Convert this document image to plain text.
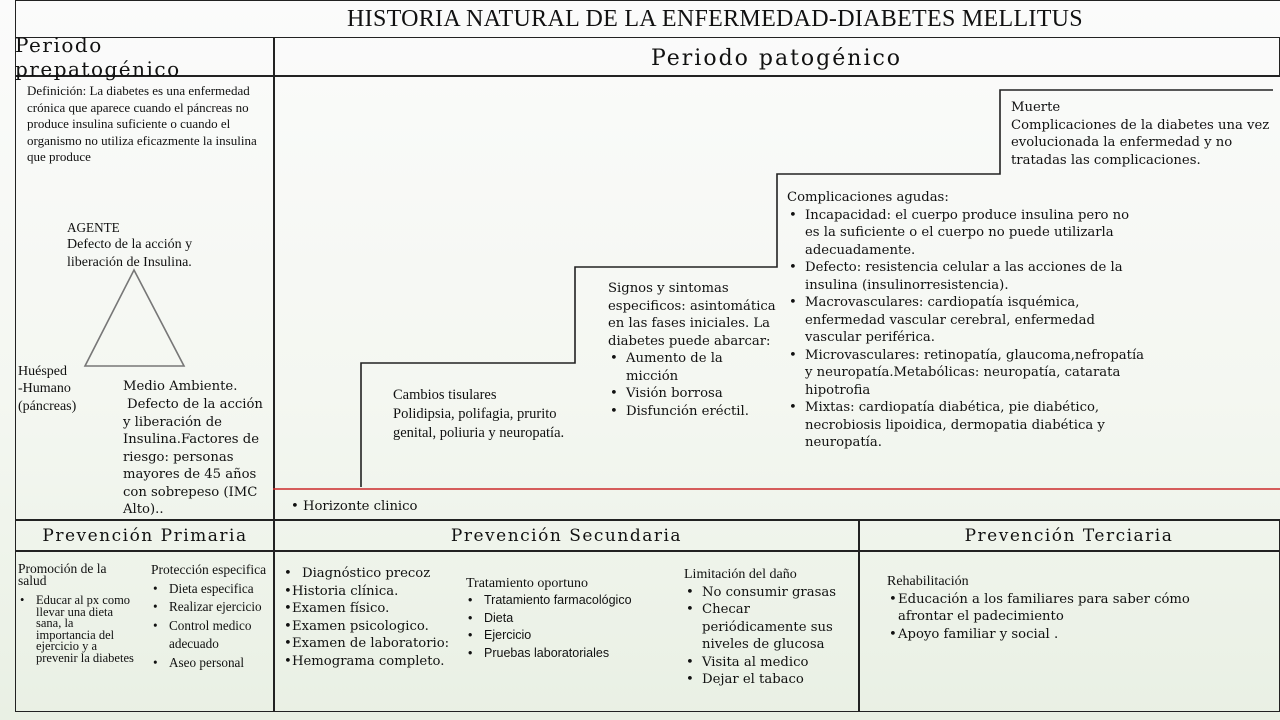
HISTORIA NATURAL DE LA ENFERMEDAD-DIABETES MELLITUS
Periodo prepatogénico	Periodo patogénico
Prevención Primaria	Prevención Secundaria	Prevención Terciaria
Definición: La diabetes es una enfermedad crónica que aparece cuando el páncreas no produce insulina suficiente o cuando el organismo no utiliza eficazmente la insulina que produce
AGENTE
Defecto de la acción y liberación de Insulina.
Huésped
-Humano (páncreas)
Medio Ambiente.
Defecto de la acción y liberación de Insulina.Factores de riesgo: personas mayores de 45 años con sobrepeso (IMC Alto)..
Cambios tisulares
Polidipsia, polifagia, prurito genital, poliuria y neuropatía.
Signos y sintomas especificos: asintomática en las fases iniciales. La diabetes puede abarcar:
• Aumento de la micción
• Visión borrosa
• Disfunción eréctil.
Complicaciones agudas:
• Incapacidad: el cuerpo produce insulina pero no es la suficiente o el cuerpo no puede utilizarla adecuadamente.
• Defecto: resistencia celular a las acciones de la insulina (insulinorresistencia).
• Macrovasculares: cardiopatía isquémica, enfermedad vascular cerebral, enfermedad vascular periférica.
• Microvasculares: retinopatía, glaucoma,nefropatía y neuropatía.Metabólicas: neuropatía, catarata hipotrofia
• Mixtas: cardiopatía diabética, pie diabético, necrobiosis lipoidica, dermopatia diabética y neuropatía.
Muerte
Complicaciones de la diabetes una vez evolucionada la enfermedad y no tratadas las complicaciones.
• Horizonte clinico
Promoción de la salud
• Educar al px como llevar una dieta sana, la importancia del ejercicio y a prevenir la diabetes
Protección especifica
• Dieta especifica
• Realizar ejercicio
• Control medico adecuado
• Aseo personal
• Diagnóstico precoz
• Historia clínica.
• Examen físico.
• Examen psicologico.
• Examen de laboratorio:
• Hemograma completo.
Tratamiento oportuno
• Tratamiento farmacológico
• Dieta
• Ejercicio
• Pruebas laboratoriales
Limitación del daño
• No consumir grasas
• Checar periódicamente sus niveles de glucosa
• Visita al medico
• Dejar el tabaco
Rehabilitación
• Educación a los familiares para saber cómo afrontar el padecimiento
• Apoyo familiar y social .
